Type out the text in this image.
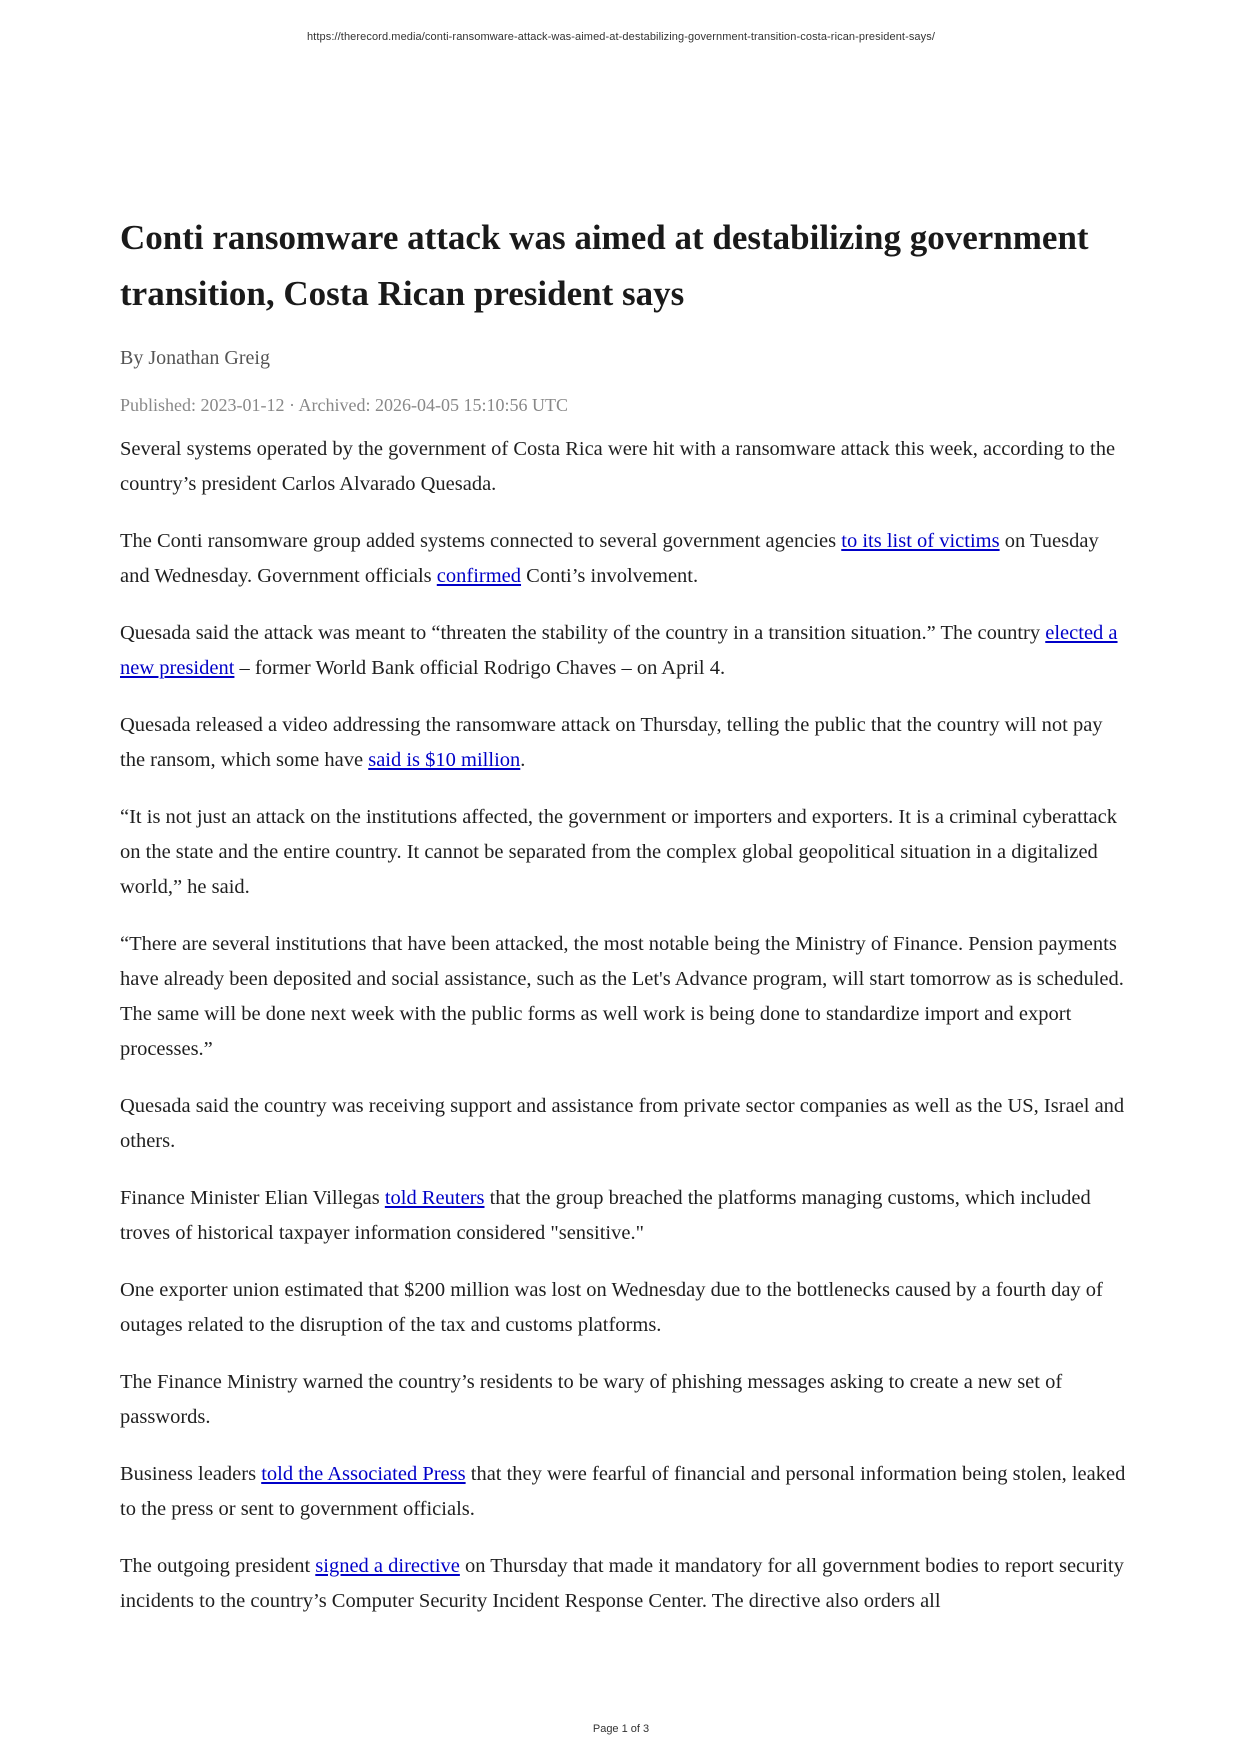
https://therecord.media/conti-ransomware-attack-was-aimed-at-destabilizing-government-transition-costa-rican-president-says/
Conti ransomware attack was aimed at destabilizing government transition, Costa Rican president says
By Jonathan Greig
Published: 2023-01-12 · Archived: 2026-04-05 15:10:56 UTC

Several systems operated by the government of Costa Rica were hit with a ransomware attack this week, according to the country’s president Carlos Alvarado Quesada.

The Conti ransomware group added systems connected to several government agencies to its list of victims on Tuesday and Wednesday. Government officials confirmed Conti’s involvement.

Quesada said the attack was meant to “threaten the stability of the country in a transition situation.” The country elected a new president – former World Bank official Rodrigo Chaves – on April 4.

Quesada released a video addressing the ransomware attack on Thursday, telling the public that the country will not pay the ransom, which some have said is $10 million.

“It is not just an attack on the institutions affected, the government or importers and exporters. It is a criminal cyberattack on the state and the entire country. It cannot be separated from the complex global geopolitical situation in a digitalized world,” he said.

“There are several institutions that have been attacked, the most notable being the Ministry of Finance. Pension payments have already been deposited and social assistance, such as the Let's Advance program, will start tomorrow as is scheduled. The same will be done next week with the public forms as well work is being done to standardize import and export processes.”

Quesada said the country was receiving support and assistance from private sector companies as well as the US, Israel and others.

Finance Minister Elian Villegas told Reuters that the group breached the platforms managing customs, which included troves of historical taxpayer information considered "sensitive."

One exporter union estimated that $200 million was lost on Wednesday due to the bottlenecks caused by a fourth day of outages related to the disruption of the tax and customs platforms.

The Finance Ministry warned the country’s residents to be wary of phishing messages asking to create a new set of passwords.

Business leaders told the Associated Press that they were fearful of financial and personal information being stolen, leaked to the press or sent to government officials.

The outgoing president signed a directive on Thursday that made it mandatory for all government bodies to report security incidents to the country’s Computer Security Incident Response Center. The directive also orders all

Page 1 of 3
